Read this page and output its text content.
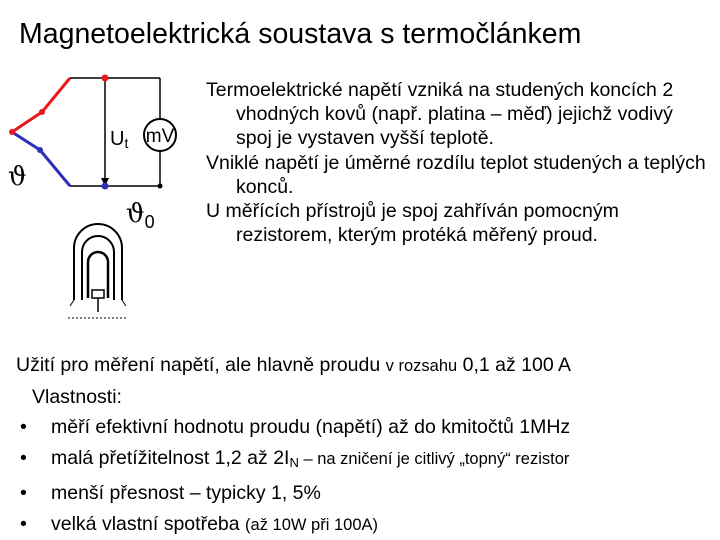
Magnetoelektrická soustava s termočlánkem
mV
Ut
ϑ
$ϑ_0$

Termoelektrické napětí vzniká na studených koncích 2 vhodných kovů (např. platina – měď) jejichž vodivý spoj je vystaven vyšší teplotě.

Vniklé napětí je úměrné rozdílu teplot studených a teplých konců.

U měřících přístrojů je spoj zahříván pomocným rezistorem, kterým protéká měřený proud.

Užití pro měření napětí, ale hlavně proudu v rozsahu 0,1 až 100 A
Vlastnosti:
•	měří efektivní hodnotu proudu (napětí) až do kmitočtů 1MHz
•	malá přetížitelnost 1,2 až $2I_N$ – na zničení je citlivý „topný“ rezistor
•	menší přesnost – typicky 1, 5%
•	velká vlastní spotřeba (až 10W při 100A)
